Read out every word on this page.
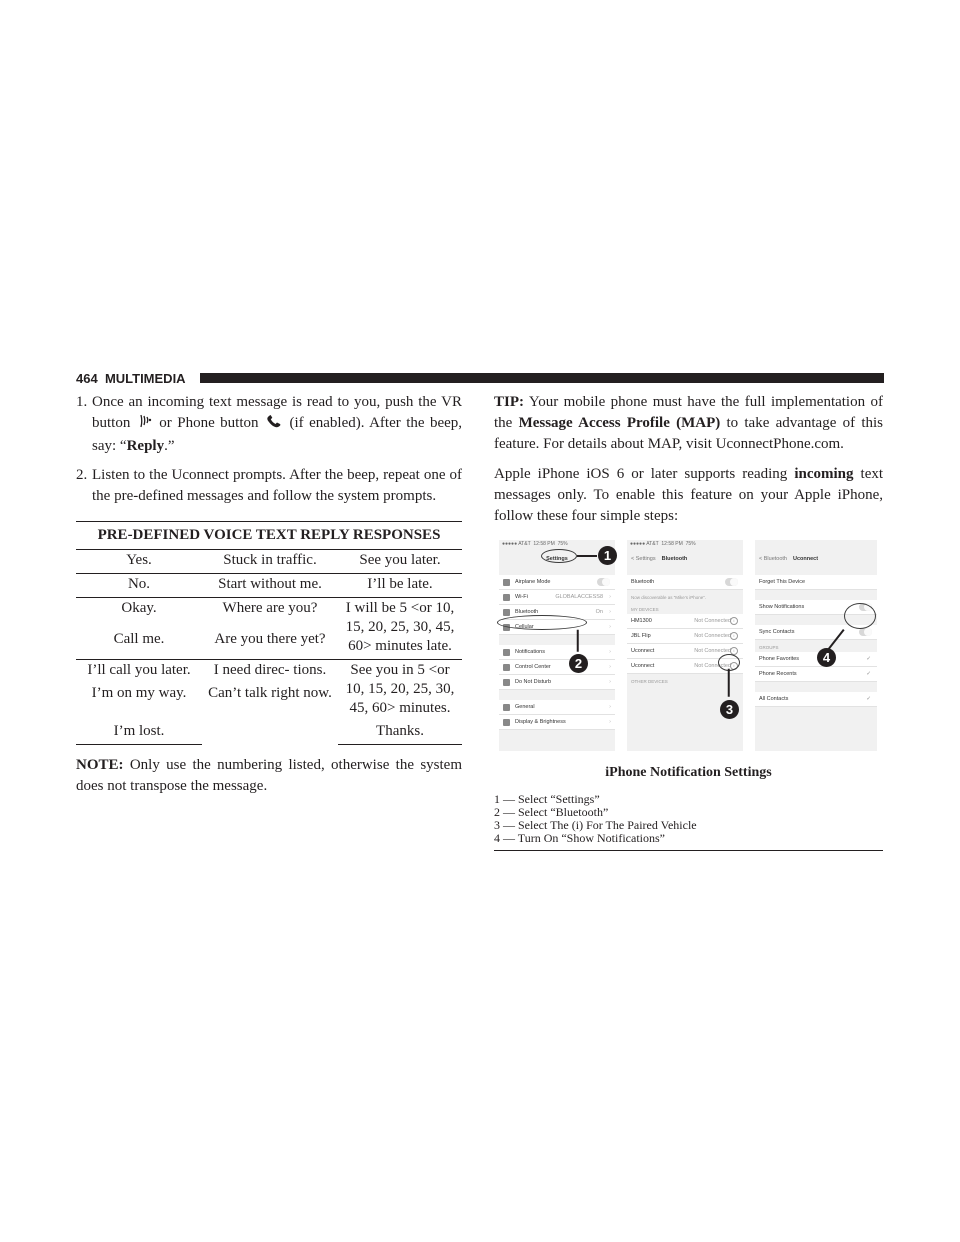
464 MULTIMEDIA
1. Once an incoming text message is read to you, push the VR button or Phone button (if enabled). After the beep, say: “Reply.”
2. Listen to the Uconnect prompts. After the beep, repeat one of the pre-defined messages and follow the system prompts.
PRE-DEFINED VOICE TEXT REPLY RESPONSES		
Yes.	Stuck in traffic.	See you later.
No.	Start without me.	I’ll be late.
Okay.	Where are you?	I will be 5 <or 10, 15, 20, 25, 30, 45, 60> minutes late.
Call me.	Are you there yet?	
I’ll call you later.	I need direc- tions.	See you in 5 <or 10, 15, 20, 25, 30, 45, 60> minutes.
I’m on my way.	Can’t talk right now.	
I’m lost.		Thanks.
NOTE: Only use the numbering listed, otherwise the system does not transpose the message.
TIP: Your mobile phone must have the full implementation of the Message Access Profile (MAP) to take advantage of this feature. For details about MAP, visit UconnectPhone.com.
Apple iPhone iOS 6 or later supports reading incoming text messages only. To enable this feature on your Apple iPhone, follow these four simple steps:
●●●●● AT&T 12:58 PM 75%
Settings
Airplane Mode
Wi-Fi	GLOBALACCESS8 ›
Bluetooth	On ›
Cellular	›
Notifications	›
Control Center	›
Do Not Disturb	›
General	›
Display & Brightness	›
●●●●● AT&T 12:58 PM 75%
< Settings Bluetooth
Bluetooth
Now discoverable as “Mike’s iPhone”.
MY DEVICES
HM1300	Not Connected i
JBL Flip	Not Connected i
Uconnect	Not Connected i
Uconnect	Not Connected i
OTHER DEVICES
< Bluetooth Uconnect
Forget This Device
Show Notifications
Sync Contacts
GROUPS
Phone Favorites	✓
Phone Recents	✓
All Contacts	✓
1
2
3
4
iPhone Notification Settings
1 — Select “Settings”
2 — Select “Bluetooth”
3 — Select The (i) For The Paired Vehicle
4 — Turn On “Show Notifications”
